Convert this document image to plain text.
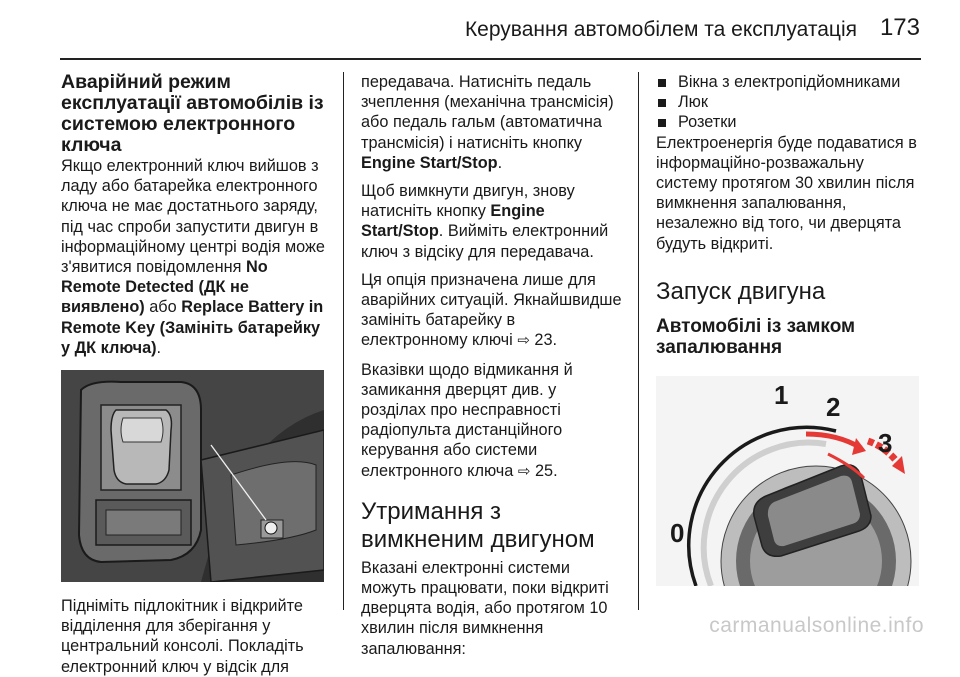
Керування автомобілем та експлуатація 173
Аварійний режим експлуатації автомобілів із системою електронного ключа

Якщо електронний ключ вийшов з ладу або батарейка електронного ключа не має достатнього заряду, під час спроби запустити двигун в інформаційному центрі водія може з'явитися повідомлення No Remote Detected (ДК не виявлено) або Replace Battery in Remote Key (Замініть батарейку у ДК ключа).

Підніміть підлокітник і відкрийте відділення для зберігання у центральний консолі. Покладіть електронний ключ у відсік для

передавача. Натисніть педаль зчеплення (механічна трансмісія) або педаль гальм (автоматична трансмісія) і натисніть кнопку Engine Start/Stop.

Щоб вимкнути двигун, знову натисніть кнопку Engine Start/Stop. Вийміть електронний ключ з відсіку для передавача.

Ця опція призначена лише для аварійних ситуацій. Якнайшвидше замініть батарейку в електронному ключі ⇨ 23.

Вказівки щодо відмикання й замикання дверцят див. у розділах про несправності радіопульта дистанційного керування або системи електронного ключа ⇨ 25.

Утримання з вимкненим двигуном

Вказані електронні системи можуть працювати, поки відкриті дверцята водія, або протягом 10 хвилин після вимкнення запалювання:

Вікна з електропідйомниками
Люк
Розетки

Електроенергія буде подаватися в інформаційно-розважальну систему протягом 30 хвилин після вимкнення запалювання, незалежно від того, чи дверцята будуть відкриті.

Запуск двигуна
Автомобілі із замком запалювання
1 2
3
0
carmanualsonline.info
